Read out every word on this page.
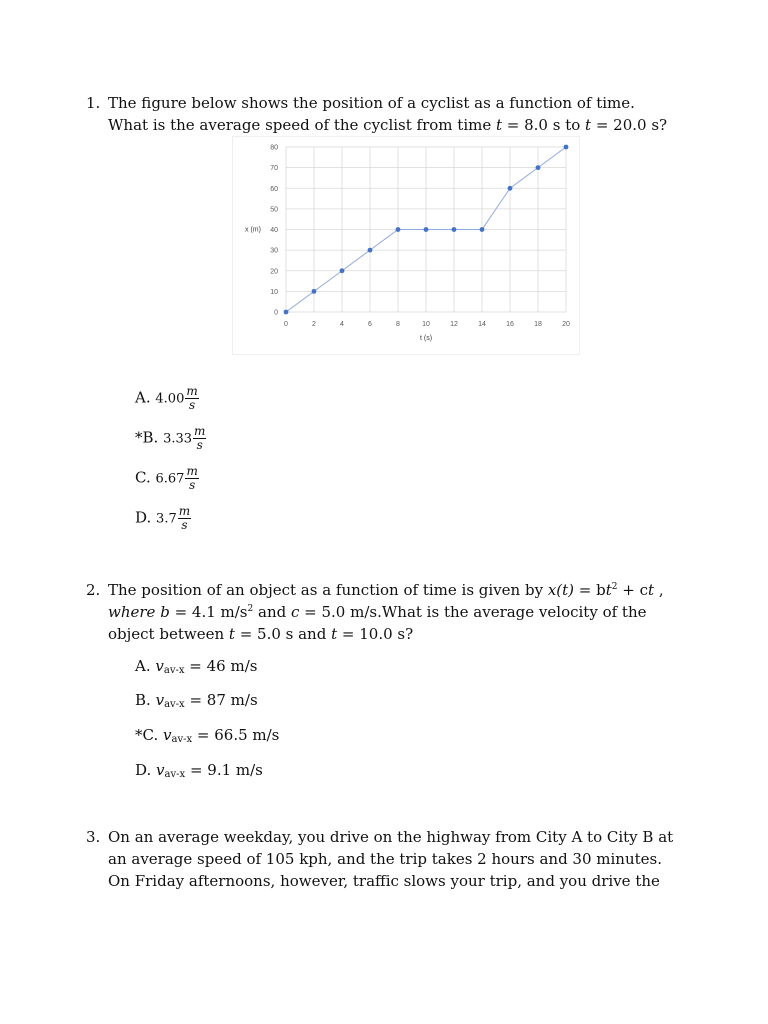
1. The figure below shows the position of a cyclist as a function of time.
What is the average speed of the cyclist from time t = 8.0 s to t = 20.0 s?
0
10
20
30
40
50
60
70
80
0	2	4	6	8	10	12	14	16	18	20
x (m)
t (s)
A. $4.00 \frac{m}{s}$
*B. $3.33 \frac{m}{s}$
C. $6.67 \frac{m}{s}$
D. $3.7 \frac{m}{s}$
2. The position of an object as a function of time is given by $x(t) = bt^2$ + ct ,
where b = 4.1 $m/s^2$ and c = 5.0 m/s.What is the average velocity of the
object between t = 5.0 s and t = 10.0 s?
A. $v_{av-x} = 46$ m/s
B. $v_{av-x} = 87$ m/s
*C. $v_{av-x} = 66.5$ m/s
D. $v_{av-x} = 9.1$ m/s
3. On an average weekday, you drive on the highway from City A to City B at
an average speed of 105 kph, and the trip takes 2 hours and 30 minutes.
On Friday afternoons, however, traffic slows your trip, and you drive the
